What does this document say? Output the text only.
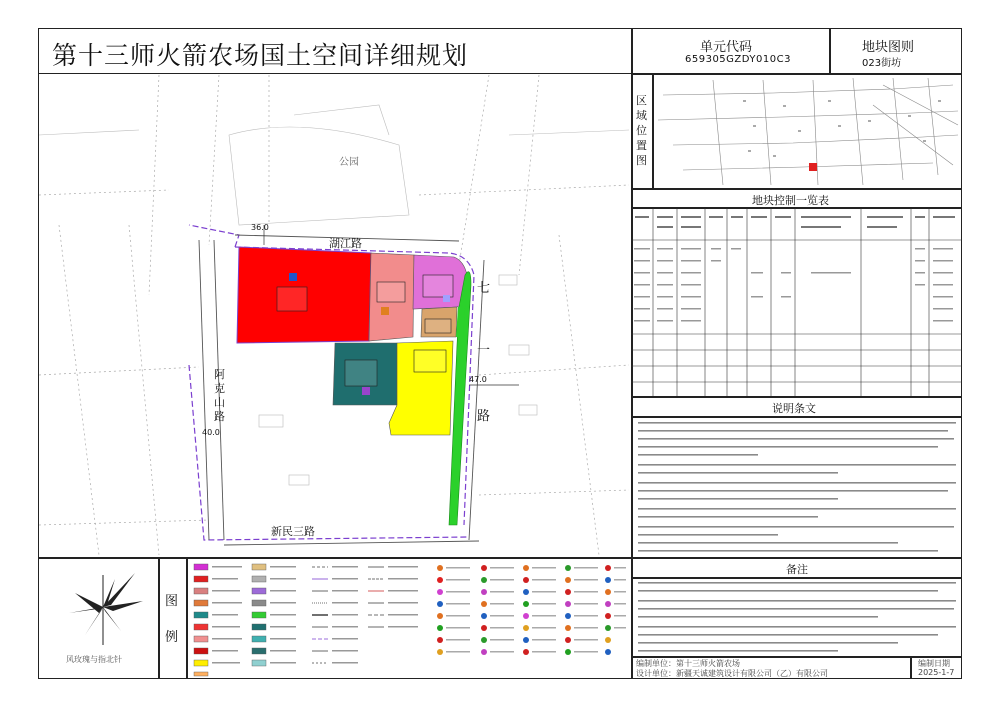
第十三师火箭农场国土空间详细规划	单元代码
659305GZDY010C3
地块图则
023街坊
区域位置图
地块控制一览表
说明条文
风玫瑰与指北针
图例
备注
编制单位：第十三师火箭农场
设计单位：新疆天诚建筑设计有限公司（乙）有限公司
编制日期
2025-1-7
公园
湖江路
阿克山路
新民三路
七
一
路
40.0
36.0
47.0
